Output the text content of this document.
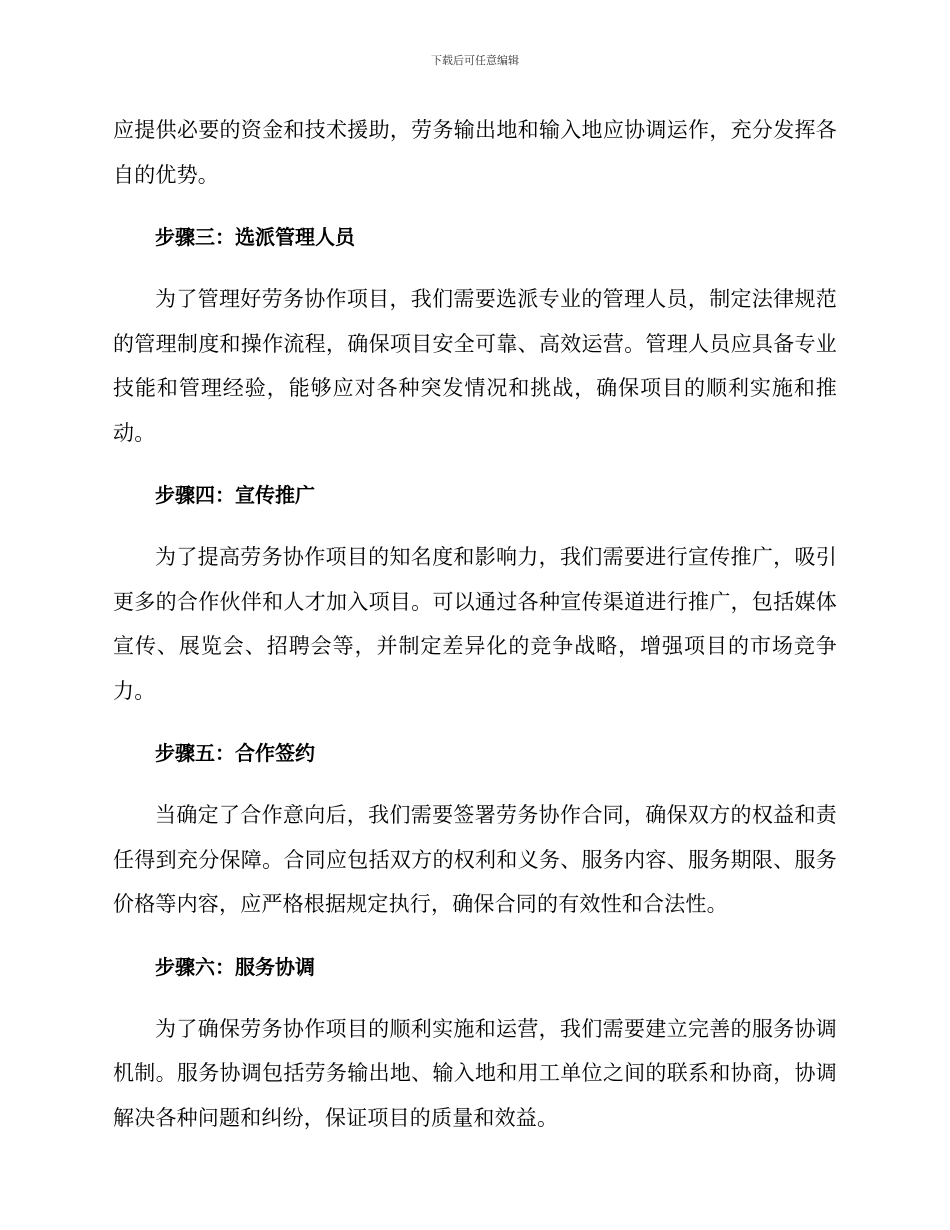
下载后可任意编辑

应提供必要的资金和技术援助，劳务输出地和输入地应协调运作，充分发挥各自的优势。

步骤三：选派管理人员

为了管理好劳务协作项目，我们需要选派专业的管理人员，制定法律规范的管理制度和操作流程，确保项目安全可靠、高效运营。管理人员应具备专业技能和管理经验，能够应对各种突发情况和挑战，确保项目的顺利实施和推动。

步骤四：宣传推广

为了提高劳务协作项目的知名度和影响力，我们需要进行宣传推广，吸引更多的合作伙伴和人才加入项目。可以通过各种宣传渠道进行推广，包括媒体宣传、展览会、招聘会等，并制定差异化的竞争战略，增强项目的市场竞争力。

步骤五：合作签约

当确定了合作意向后，我们需要签署劳务协作合同，确保双方的权益和责任得到充分保障。合同应包括双方的权利和义务、服务内容、服务期限、服务价格等内容，应严格根据规定执行，确保合同的有效性和合法性。

步骤六：服务协调

为了确保劳务协作项目的顺利实施和运营，我们需要建立完善的服务协调机制。服务协调包括劳务输出地、输入地和用工单位之间的联系和协商，协调解决各种问题和纠纷，保证项目的质量和效益。
